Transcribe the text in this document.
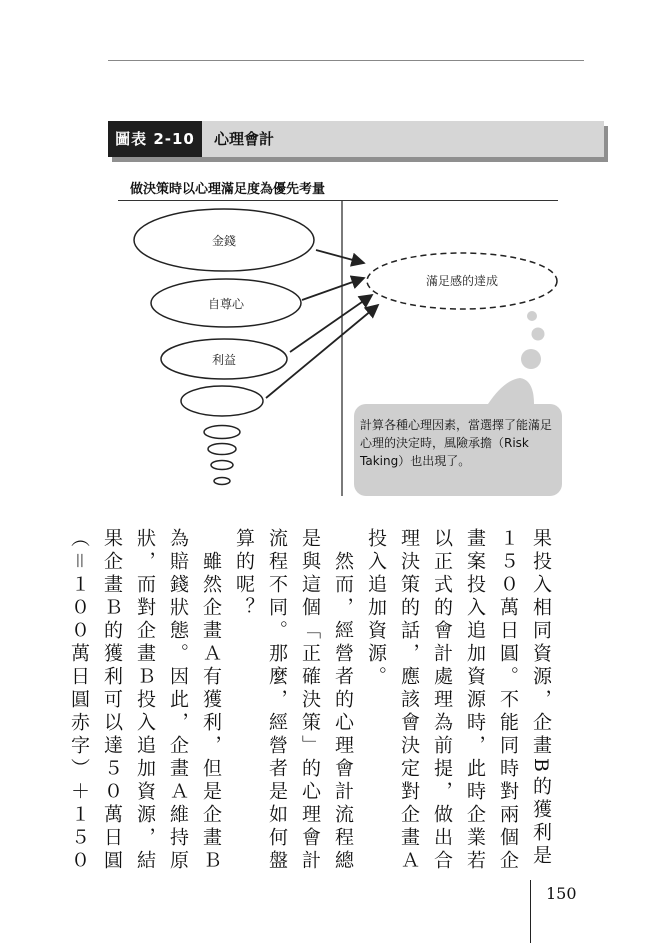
圖表 2-10	心理會計
做決策時以心理滿足度為優先考量
金錢
自尊心
利益
滿足感的達成
計算各種心理因素，當選擇了能滿足心理的決定時，風險承擔（Risk Taking）也出現了。

果投入相同資源，企畫B的獲利是
１５０萬日圓。不能同時對兩個企
畫案投入追加資源時，此時企業若
以正式的會計處理為前提，做出合
理決策的話，應該會決定對企畫Ａ
投入追加資源。
　然而，經營者的心理會計流程總
是與這個「正確決策」的心理會計
流程不同。那麼，經營者是如何盤
算的呢？
　雖然企畫Ａ有獲利，但是企畫Ｂ
為賠錢狀態。因此，企畫Ａ維持原
狀，而對企畫Ｂ投入追加資源，結
果企畫Ｂ的獲利可以達５０萬日圓
（＝１００萬日圓赤字）＋１５０

150
